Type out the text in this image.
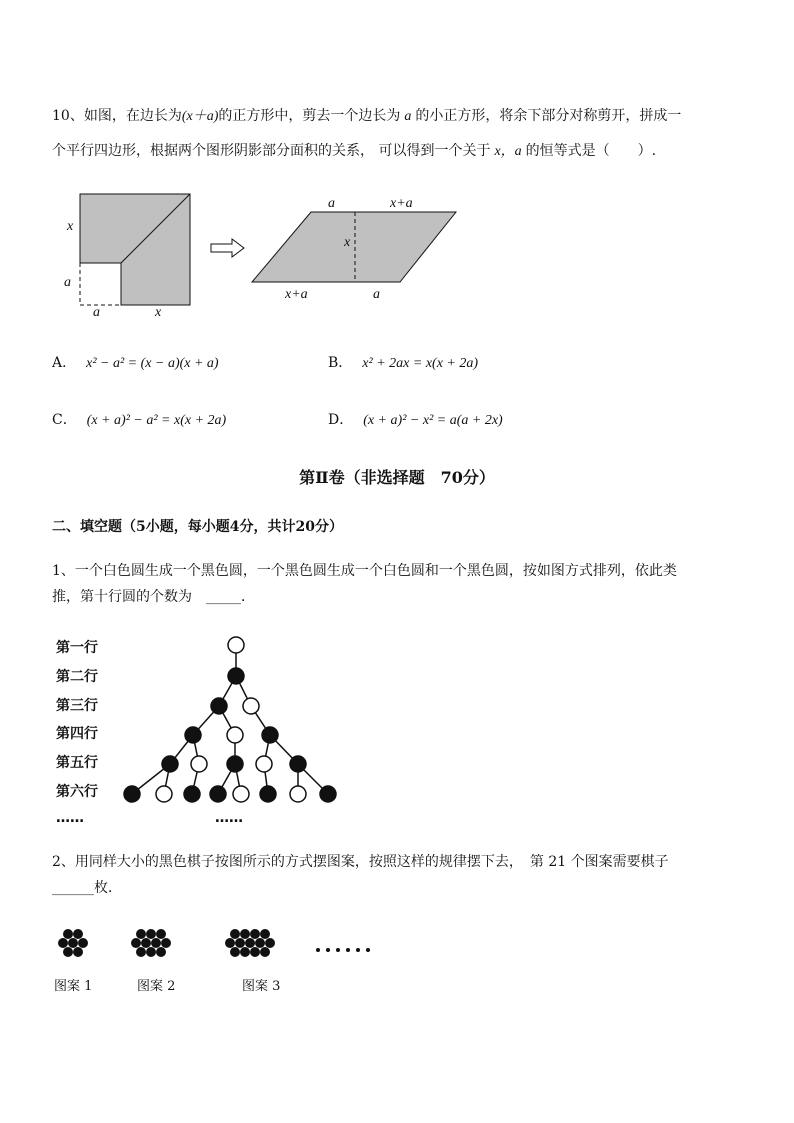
10、如图，在边长为(x＋a)的正方形中，剪去一个边长为 a 的小正方形，将余下部分对称剪开，拼成一
个平行四边形，根据两个图形阴影部分面积的关系， 可以得到一个关于 x，a 的恒等式是（　　）.
x
a
a	x
a	x+a
x
x+a	a
A． x² − a² = (x − a)(x + a)	B． x² + 2ax = x(x + 2a)
C． (x + a)² − a² = x(x + 2a)	D． (x + a)² − x² = a(a + 2x)
第Ⅱ卷（非选择题　70分）
二、填空题（5小题，每小题4分，共计20分）
1、一个白色圆生成一个黑色圆，一个黑色圆生成一个白色圆和一个黑色圆，按如图方式排列，依此类
推，第十行圆的个数为　_____．
第一行
第二行
第三行
第四行
第五行
第六行
……	……
2、用同样大小的黑色棋子按图所示的方式摆图案，按照这样的规律摆下去，　第 21 个图案需要棋子
______枚．
图案 1	图案 2	图案 3
